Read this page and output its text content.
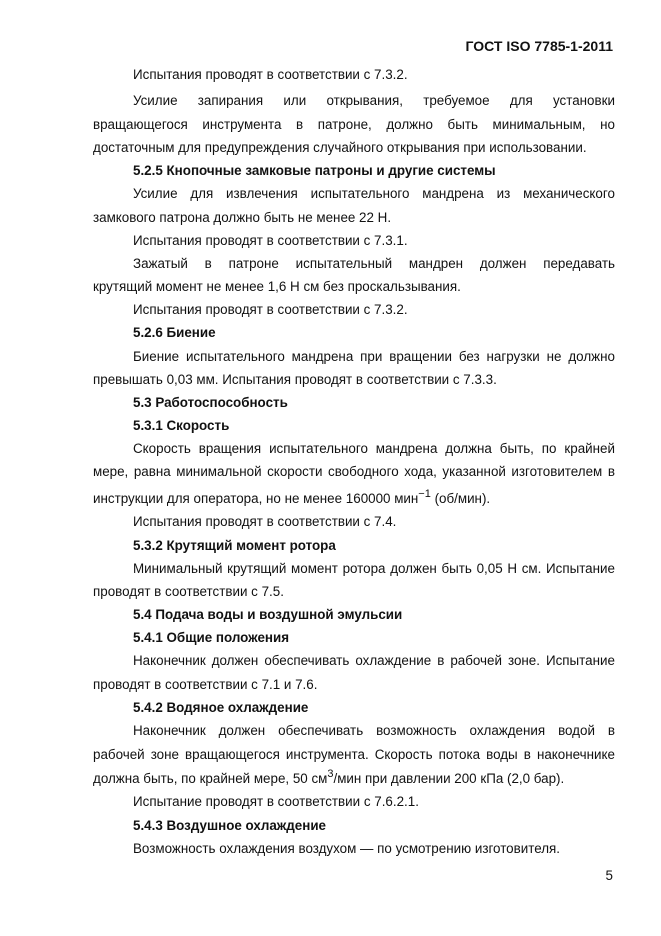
ГОСТ ISO 7785-1-2011
Испытания проводят в соответствии с 7.3.2.
Усилие запирания или открывания, требуемое для установки
вращающегося инструмента в патроне, должно быть минимальным, но
достаточным для предупреждения случайного открывания при использовании.
5.2.5 Кнопочные замковые патроны и другие системы
Усилие для извлечения испытательного мандрена из механического
замкового патрона должно быть не менее 22 Н.
Испытания проводят в соответствии с 7.3.1.
Зажатый в патроне испытательный мандрен должен передавать
крутящий момент не менее 1,6 Н см без проскальзывания.
Испытания проводят в соответствии с 7.3.2.
5.2.6 Биение
Биение испытательного мандрена при вращении без нагрузки не должно
превышать 0,03 мм. Испытания проводят в соответствии с 7.3.3.
5.3 Работоспособность
5.3.1 Скорость
Скорость вращения испытательного мандрена должна быть, по крайней
мере, равна минимальной скорости свободного хода, указанной изготовителем в
инструкции для оператора, но не менее 160000 мин$^{-1}$ (об/мин).
Испытания проводят в соответствии с 7.4.
5.3.2 Крутящий момент ротора
Минимальный крутящий момент ротора должен быть 0,05 Н см. Испытание
проводят в соответствии с 7.5.
5.4 Подача воды и воздушной эмульсии
5.4.1 Общие положения
Наконечник должен обеспечивать охлаждение в рабочей зоне. Испытание
проводят в соответствии с 7.1 и 7.6.
5.4.2 Водяное охлаждение
Наконечник должен обеспечивать возможность охлаждения водой в
рабочей зоне вращающегося инструмента. Скорость потока воды в наконечнике
должна быть, по крайней мере, 50 $см^3$/мин при давлении 200 кПа (2,0 бар).
Испытание проводят в соответствии с 7.6.2.1.
5.4.3 Воздушное охлаждение
Возможность охлаждения воздухом — по усмотрению изготовителя.
5
